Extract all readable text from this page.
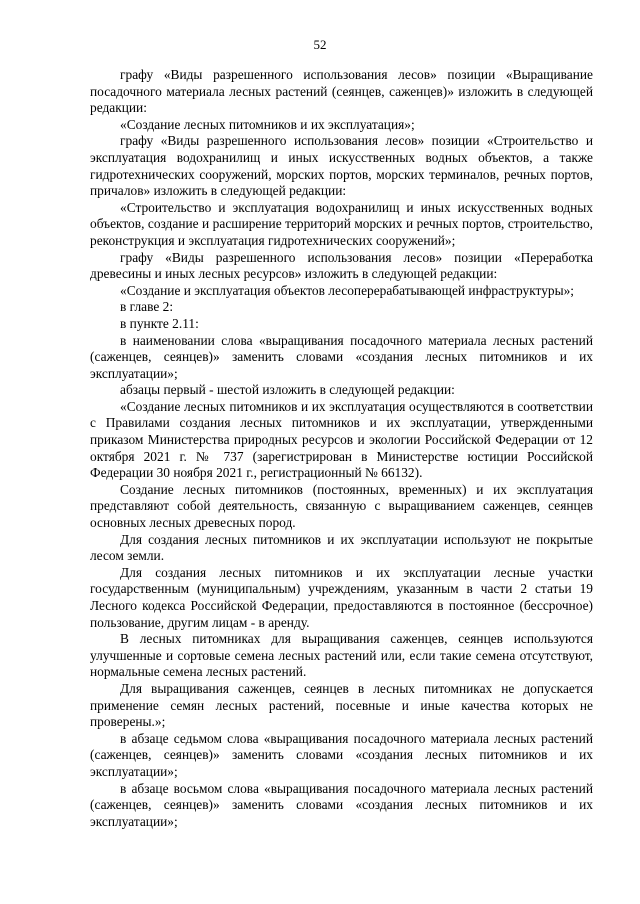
52

графу «Виды разрешенного использования лесов» позиции «Выращивание посадочного материала лесных растений (сеянцев, саженцев)» изложить в следующей редакции:

«Создание лесных питомников и их эксплуатация»;

графу «Виды разрешенного использования лесов» позиции «Строительство и эксплуатация водохранилищ и иных искусственных водных объектов, а также гидротехнических сооружений, морских портов, морских терминалов, речных портов, причалов» изложить в следующей редакции:

«Строительство и эксплуатация водохранилищ и иных искусственных водных объектов, создание и расширение территорий морских и речных портов, строительство, реконструкция и эксплуатация гидротехнических сооружений»;

графу «Виды разрешенного использования лесов» позиции «Переработка древесины и иных лесных ресурсов» изложить в следующей редакции:

«Создание и эксплуатация объектов лесоперерабатывающей инфраструктуры»;

в главе 2:

в пункте 2.11:

в наименовании слова «выращивания посадочного материала лесных растений (саженцев, сеянцев)» заменить словами «создания лесных питомников и их эксплуатации»;

абзацы первый - шестой изложить в следующей редакции:

«Создание лесных питомников и их эксплуатация осуществляются в соответствии с Правилами создания лесных питомников и их эксплуатации, утвержденными приказом Министерства природных ресурсов и экологии Российской Федерации от 12 октября 2021 г. № 737 (зарегистрирован в Министерстве юстиции Российской Федерации 30 ноября 2021 г., регистрационный № 66132).

Создание лесных питомников (постоянных, временных) и их эксплуатация представляют собой деятельность, связанную с выращиванием саженцев, сеянцев основных лесных древесных пород.

Для создания лесных питомников и их эксплуатации используют не покрытые лесом земли.

Для создания лесных питомников и их эксплуатации лесные участки государственным (муниципальным) учреждениям, указанным в части 2 статьи 19 Лесного кодекса Российской Федерации, предоставляются в постоянное (бессрочное) пользование, другим лицам - в аренду.

В лесных питомниках для выращивания саженцев, сеянцев используются улучшенные и сортовые семена лесных растений или, если такие семена отсутствуют, нормальные семена лесных растений.

Для выращивания саженцев, сеянцев в лесных питомниках не допускается применение семян лесных растений, посевные и иные качества которых не проверены.»;

в абзаце седьмом слова «выращивания посадочного материала лесных растений (саженцев, сеянцев)» заменить словами «создания лесных питомников и их эксплуатации»;

в абзаце восьмом слова «выращивания посадочного материала лесных растений (саженцев, сеянцев)» заменить словами «создания лесных питомников и их эксплуатации»;
